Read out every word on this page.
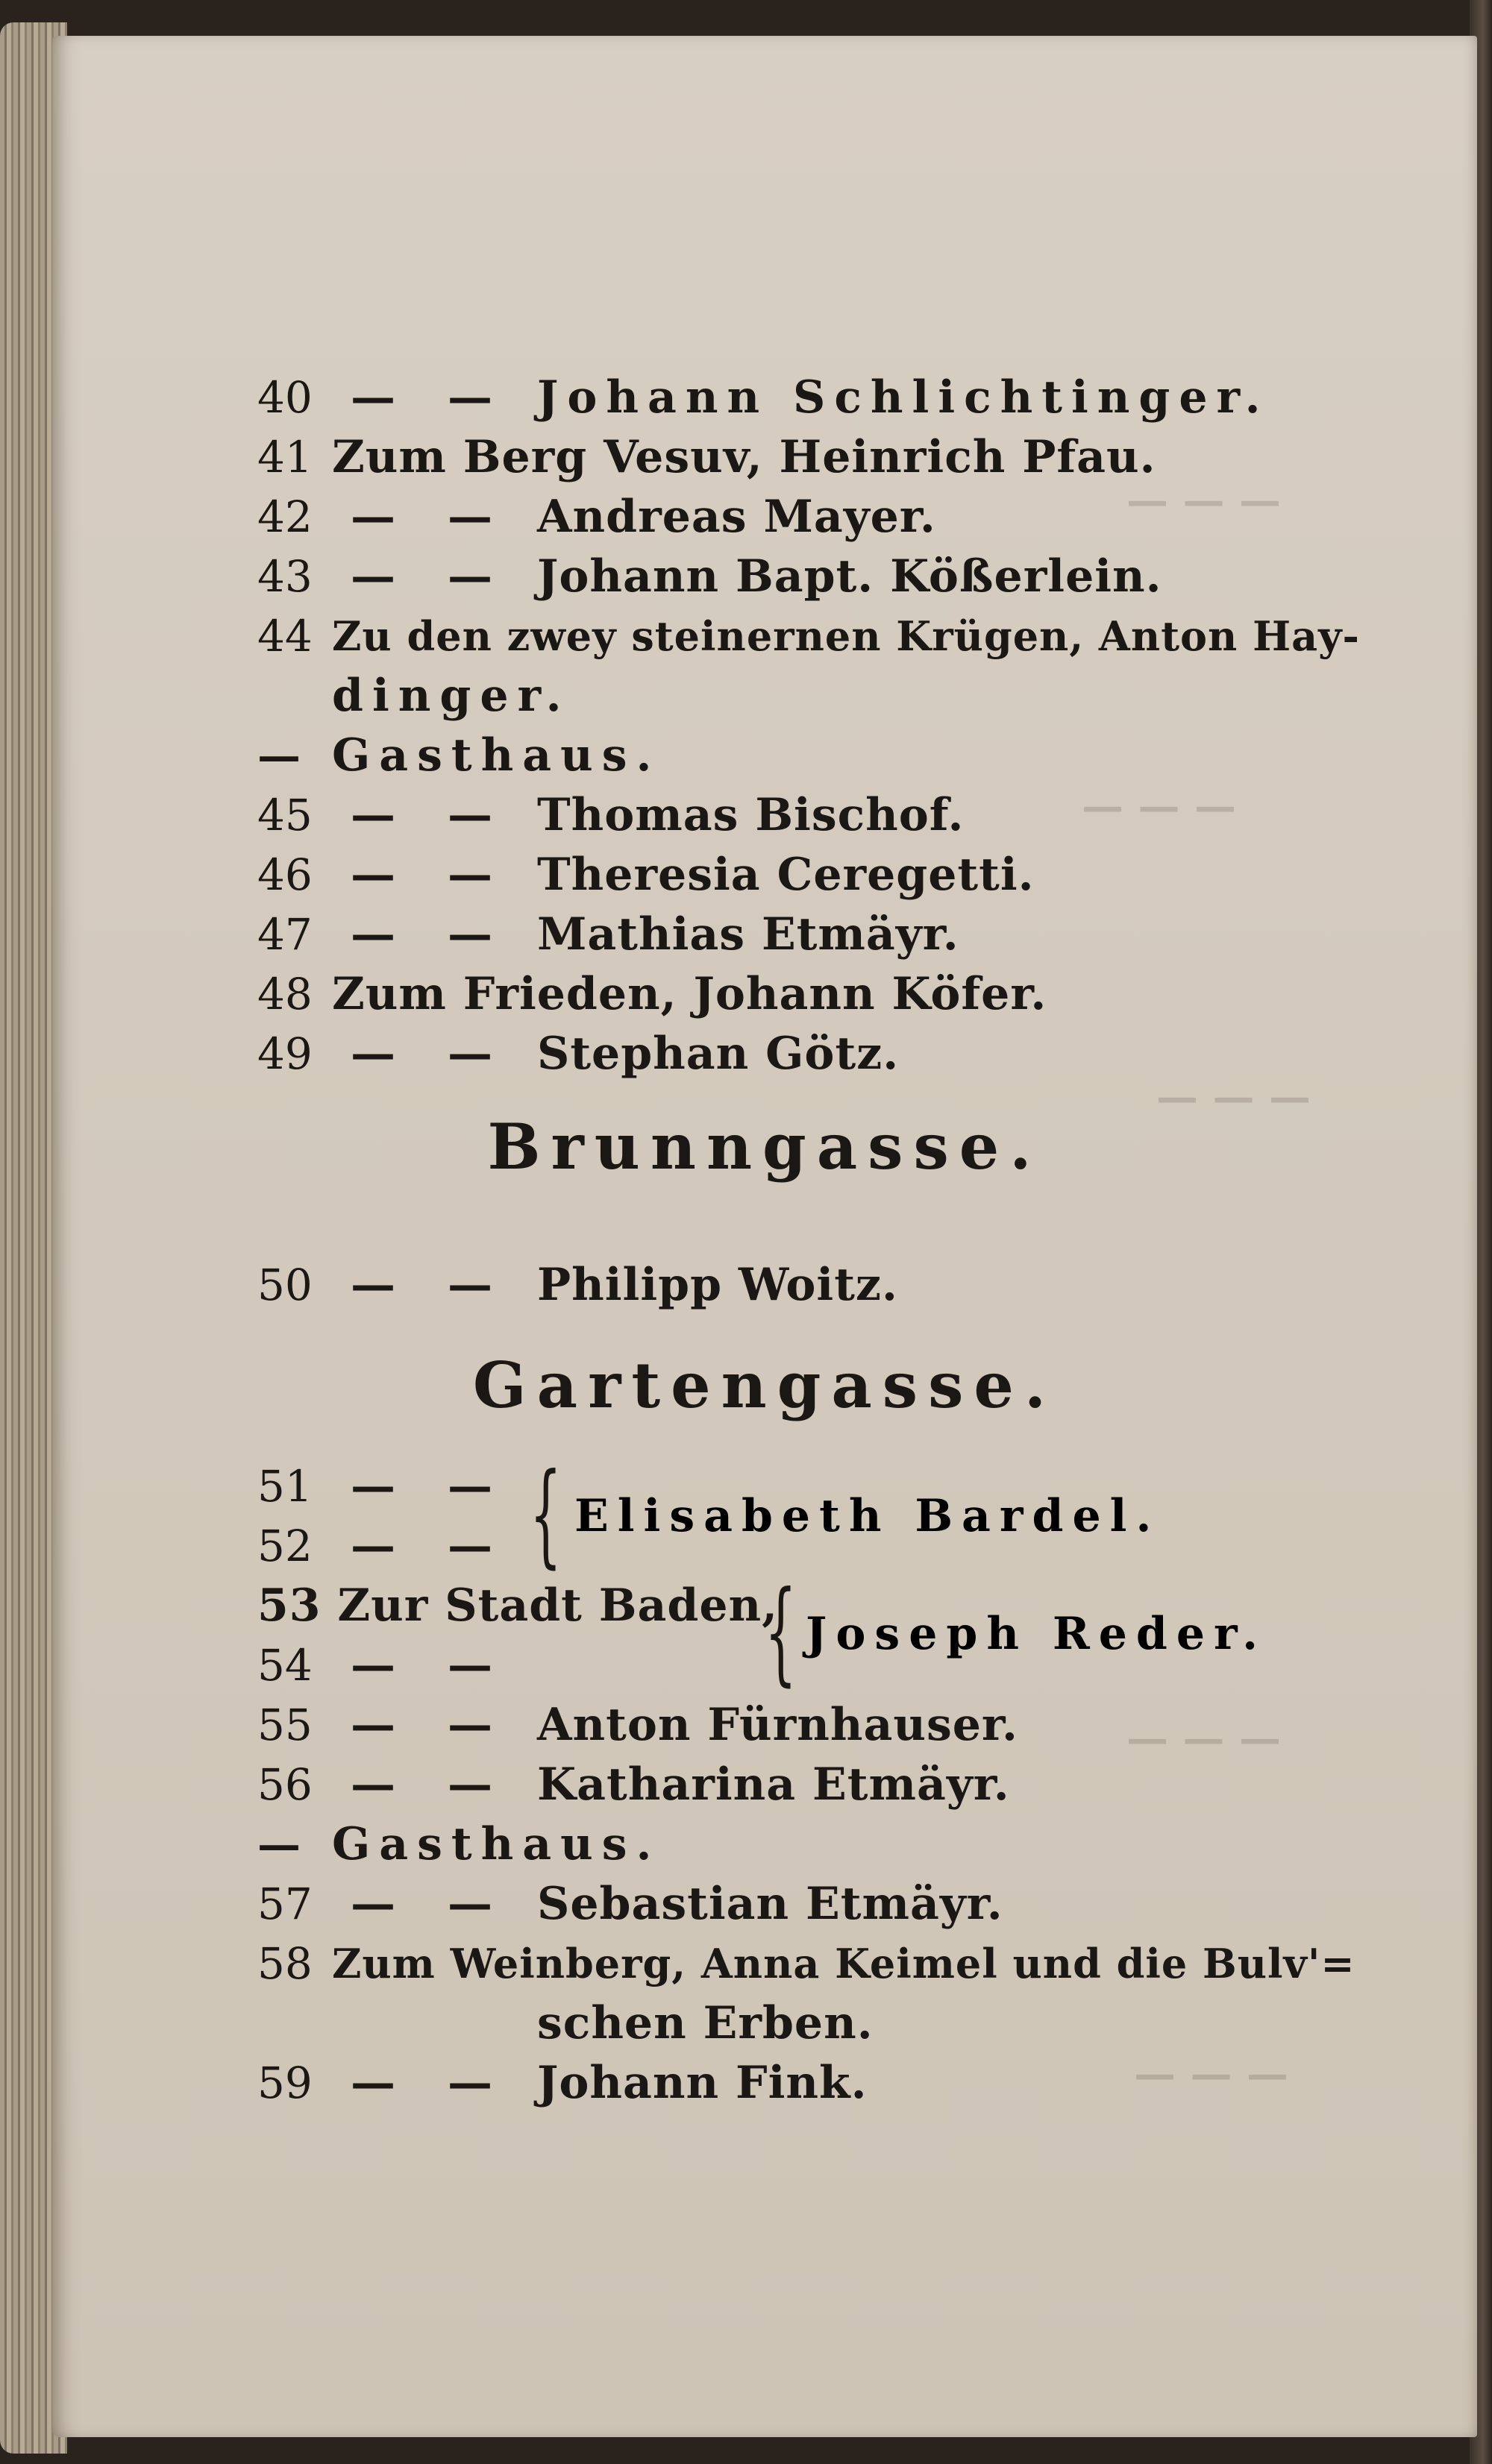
— — —
— — —
— — —
— — —
— — —
40 — — Johann Schlichtinger.
41 Zum Berg Vesuv, Heinrich Pfau.
42 — — Andreas Mayer.
43 — — Johann Bapt. Kößerlein.
44 Zu den zwey steinernen Krügen, Anton Hay-
dinger.
— Gasthaus.
45 — — Thomas Bischof.
46 — — Theresia Ceregetti.
47 — — Mathias Etmäyr.
48 Zum Frieden, Johann Köfer.
49 — — Stephan Götz.
Brunngasse.
50 — — Philipp Woitz.
Gartengasse.
51 — —
52 — — { Elisabeth Bardel.
53 Zur Stadt Baden,
54 — — { Joseph Reder.
55 — — Anton Fürnhauser.
56 — — Katharina Etmäyr.
— Gasthaus.
57 — — Sebastian Etmäyr.
58 Zum Weinberg, Anna Keimel und die Bulv'=
schen Erben.
59 — — Johann Fink.
